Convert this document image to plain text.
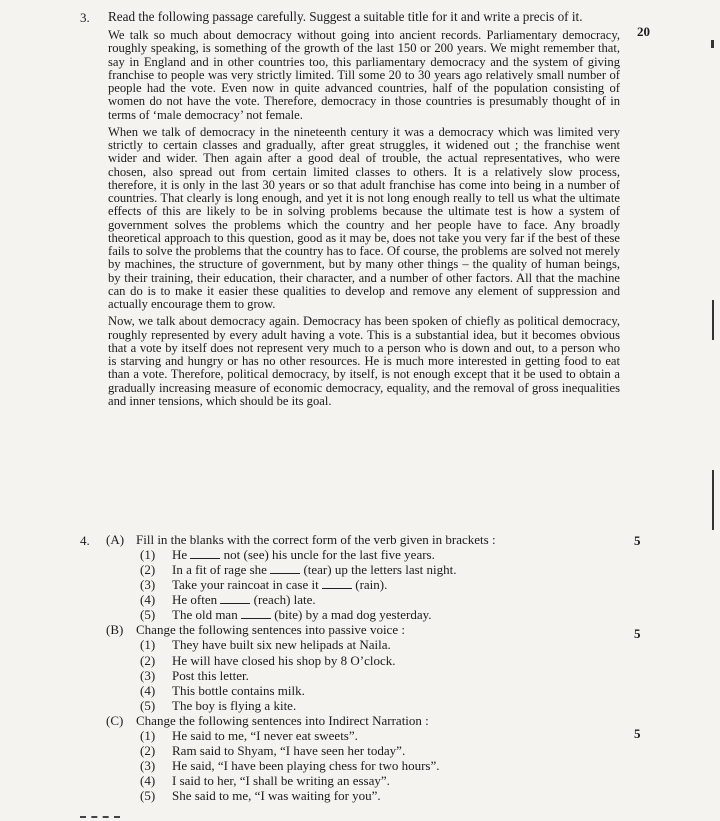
3.
20

Read the following passage carefully. Suggest a suitable title for it and write a precis of it.

We talk so much about democracy without going into ancient records. Parliamentary democracy, roughly speaking, is something of the growth of the last 150 or 200 years. We might remember that, say in England and in other countries too, this parliamentary democracy and the system of giving franchise to people was very strictly limited. Till some 20 to 30 years ago relatively small number of people had the vote. Even now in quite advanced countries, half of the population consisting of women do not have the vote. Therefore, democracy in those countries is presumably thought of in terms of ‘male democracy’ not female.

When we talk of democracy in the nineteenth century it was a democracy which was limited very strictly to certain classes and gradually, after great struggles, it widened out ; the franchise went wider and wider. Then again after a good deal of trouble, the actual representatives, who were chosen, also spread out from certain limited classes to others. It is a relatively slow process, therefore, it is only in the last 30 years or so that adult franchise has come into being in a number of countries. That clearly is long enough, and yet it is not long enough really to tell us what the ultimate effects of this are likely to be in solving problems because the ultimate test is how a system of government solves the problems which the country and her people have to face. Any broadly theoretical approach to this question, good as it may be, does not take you very far if the best of these fails to solve the problems that the country has to face. Of course, the problems are solved not merely by machines, the structure of government, but by many other things – the quality of human beings, by their training, their education, their character, and a number of other factors. All that the machine can do is to make it easier these qualities to develop and remove any element of suppression and actually encourage them to grow.

Now, we talk about democracy again. Democracy has been spoken of chiefly as political democracy, roughly represented by every adult having a vote. This is a substantial idea, but it becomes obvious that a vote by itself does not represent very much to a person who is down and out, to a person who is starving and hungry or has no other resources. He is much more interested in getting food to eat than a vote. Therefore, political democracy, by itself, is not enough except that it be used to obtain a gradually increasing measure of economic democracy, equality, and the removal of gross inequalities and inner tensions, which should be its goal.

4. (A) Fill in the blanks with the correct form of the verb given in brackets :
(1)	He	not (see) his uncle for the last five years.
(2)	In a fit of rage she	(tear) up the letters last night.
(3)	Take your raincoat in case it	(rain).
(4)	He often	(reach) late.
(5)	The old man	(bite) by a mad dog yesterday.
(B) Change the following sentences into passive voice :
(1)	They have built six new helipads at Naila.
(2)	He will have closed his shop by 8 O’clock.
(3)	Post this letter.
(4)	This bottle contains milk.
(5)	The boy is flying a kite.
(C) Change the following sentences into Indirect Narration :
(1)	He said to me, “I never eat sweets”.
(2)	Ram said to Shyam, “I have seen her today”.
(3)	He said, “I have been playing chess for two hours”.
(4)	I said to her, “I shall be writing an essay”.
(5)	She said to me, “I was waiting for you”.
5
5
5
